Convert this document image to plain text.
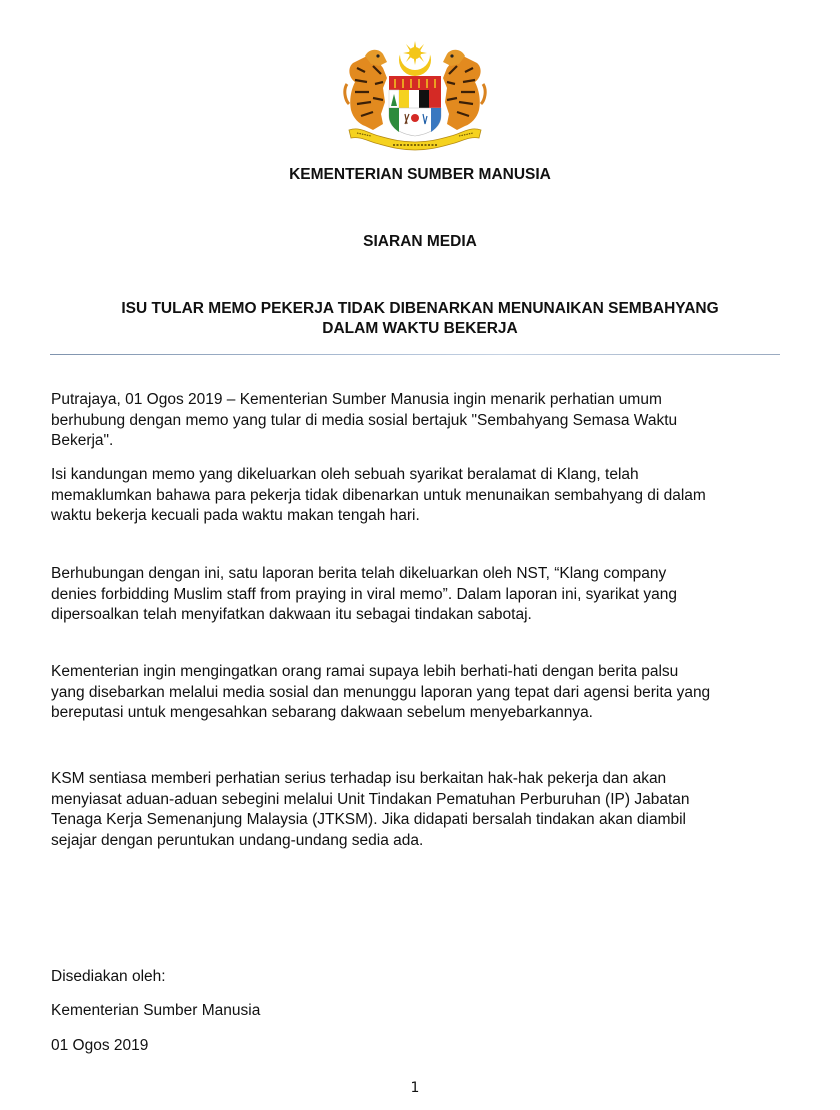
KEMENTERIAN SUMBER MANUSIA
SIARAN MEDIA
ISU TULAR MEMO PEKERJA TIDAK DIBENARKAN MENUNAIKAN SEMBAHYANG
DALAM WAKTU BEKERJA

Putrajaya, 01 Ogos 2019 – Kementerian Sumber Manusia ingin menarik perhatian umum
berhubung dengan memo yang tular di media sosial bertajuk "Sembahyang Semasa Waktu
Bekerja".

Isi kandungan memo yang dikeluarkan oleh sebuah syarikat beralamat di Klang, telah
memaklumkan bahawa para pekerja tidak dibenarkan untuk menunaikan sembahyang di dalam
waktu bekerja kecuali pada waktu makan tengah hari.

Berhubungan dengan ini, satu laporan berita telah dikeluarkan oleh NST, “Klang company
denies forbidding Muslim staff from praying in viral memo”. Dalam laporan ini, syarikat yang
dipersoalkan telah menyifatkan dakwaan itu sebagai tindakan sabotaj.

Kementerian ingin mengingatkan orang ramai supaya lebih berhati-hati dengan berita palsu
yang disebarkan melalui media sosial dan menunggu laporan yang tepat dari agensi berita yang
bereputasi untuk mengesahkan sebarang dakwaan sebelum menyebarkannya.

KSM sentiasa memberi perhatian serius terhadap isu berkaitan hak-hak pekerja dan akan
menyiasat aduan-aduan sebegini melalui Unit Tindakan Pematuhan Perburuhan (IP) Jabatan
Tenaga Kerja Semenanjung Malaysia (JTKSM). Jika didapati bersalah tindakan akan diambil
sejajar dengan peruntukan undang-undang sedia ada.

Disediakan oleh:
Kementerian Sumber Manusia
01 Ogos 2019
1
